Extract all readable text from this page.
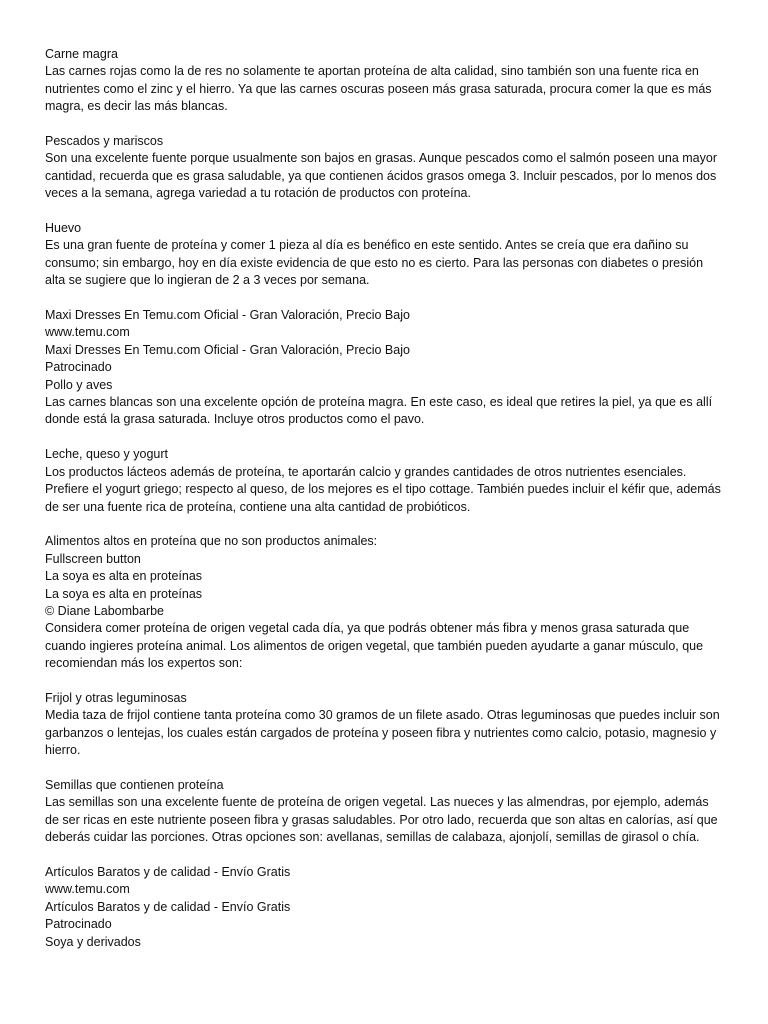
Carne magra
Las carnes rojas como la de res no solamente te aportan proteína de alta calidad, sino también son una fuente rica en nutrientes como el zinc y el hierro. Ya que las carnes oscuras poseen más grasa saturada, procura comer la que es más magra, es decir las más blancas.
Pescados y mariscos
Son una excelente fuente porque usualmente son bajos en grasas. Aunque pescados como el salmón poseen una mayor cantidad, recuerda que es grasa saludable, ya que contienen ácidos grasos omega 3. Incluir pescados, por lo menos dos veces a la semana, agrega variedad a tu rotación de productos con proteína.
Huevo
Es una gran fuente de proteína y comer 1 pieza al día es benéfico en este sentido. Antes se creía que era dañino su consumo; sin embargo, hoy en día existe evidencia de que esto no es cierto. Para las personas con diabetes o presión alta se sugiere que lo ingieran de 2 a 3 veces por semana.
Maxi Dresses En Temu.com Oficial - Gran Valoración, Precio Bajo
www.temu.com
Maxi Dresses En Temu.com Oficial - Gran Valoración, Precio Bajo
Patrocinado
Pollo y aves
Las carnes blancas son una excelente opción de proteína magra. En este caso, es ideal que retires la piel, ya que es allí donde está la grasa saturada. Incluye otros productos como el pavo.
Leche, queso y yogurt
Los productos lácteos además de proteína, te aportarán calcio y grandes cantidades de otros nutrientes esenciales. Prefiere el yogurt griego; respecto al queso, de los mejores es el tipo cottage. También puedes incluir el kéfir que, además de ser una fuente rica de proteína, contiene una alta cantidad de probióticos.
Alimentos altos en proteína que no son productos animales:
Fullscreen button
La soya es alta en proteínas
La soya es alta en proteínas
© Diane Labombarbe
Considera comer proteína de origen vegetal cada día, ya que podrás obtener más fibra y menos grasa saturada que cuando ingieres proteína animal. Los alimentos de origen vegetal, que también pueden ayudarte a ganar músculo, que recomiendan más los expertos son:
Frijol y otras leguminosas
Media taza de frijol contiene tanta proteína como 30 gramos de un filete asado. Otras leguminosas que puedes incluir son garbanzos o lentejas, los cuales están cargados de proteína y poseen fibra y nutrientes como calcio, potasio, magnesio y hierro.
Semillas que contienen proteína
Las semillas son una excelente fuente de proteína de origen vegetal. Las nueces y las almendras, por ejemplo, además de ser ricas en este nutriente poseen fibra y grasas saludables. Por otro lado, recuerda que son altas en calorías, así que deberás cuidar las porciones. Otras opciones son: avellanas, semillas de calabaza, ajonjolí, semillas de girasol o chía.
Artículos Baratos y de calidad - Envío Gratis
www.temu.com
Artículos Baratos y de calidad - Envío Gratis
Patrocinado
Soya y derivados
